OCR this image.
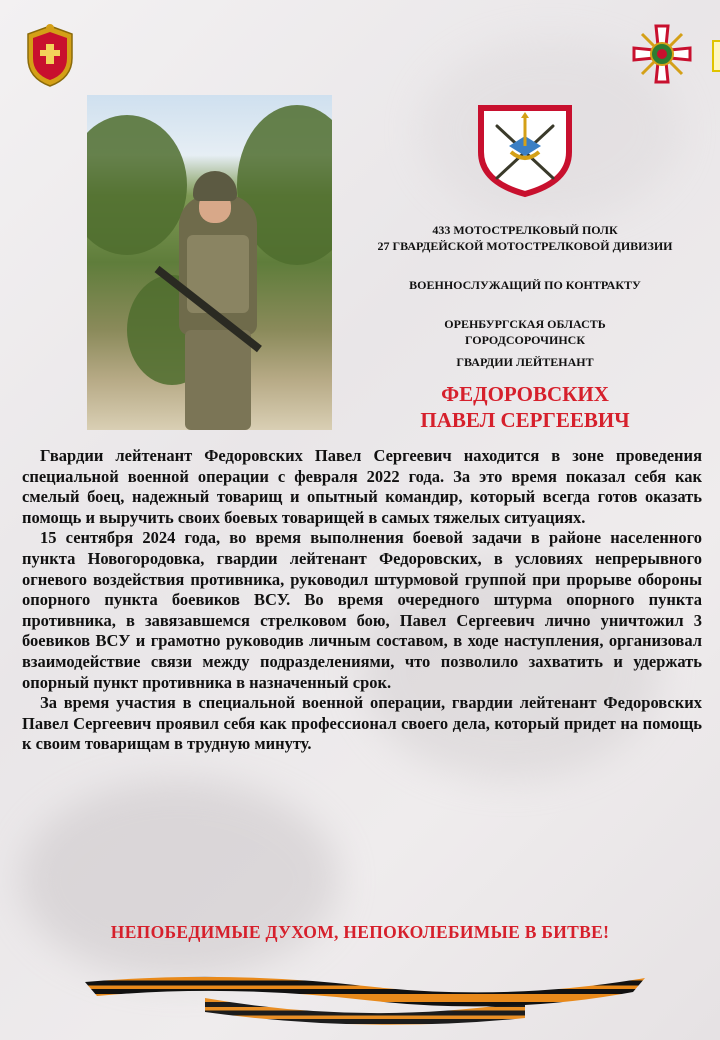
433 МОТОСТРЕЛКОВЫЙ ПОЛК
27 ГВАРДЕЙСКОЙ МОТОСТРЕЛКОВОЙ ДИВИЗИИ
ВОЕННОСЛУЖАЩИЙ ПО КОНТРАКТУ
ОРЕНБУРГСКАЯ ОБЛАСТЬ
ГОРОДСОРОЧИНСК
ГВАРДИИ ЛЕЙТЕНАНТ
ФЕДОРОВСКИХ
ПАВЕЛ СЕРГЕЕВИЧ

Гвардии лейтенант Федоровских Павел Сергеевич находится в зоне проведения специальной военной операции с февраля 2022 года. За это время показал себя как смелый боец, надежный товарищ и опытный командир, который всегда готов оказать помощь и выручить своих боевых товарищей в самых тяжелых ситуациях.

15 сентября 2024 года, во время выполнения боевой задачи в районе населенного пункта Новогородовка, гвардии лейтенант Федоровских, в условиях непрерывного огневого воздействия противника, руководил штурмовой группой при прорыве обороны опорного пункта боевиков ВСУ. Во время очередного штурма опорного пункта противника, в завязавшемся стрелковом бою, Павел Сергеевич лично уничтожил 3 боевиков ВСУ и грамотно руководив личным составом, в ходе наступления, организовал взаимодействие связи между подразделениями, что позволило захватить и удержать опорный пункт противника в назначенный срок.

За время участия в специальной военной операции, гвардии лейтенант Федоровских Павел Сергеевич проявил себя как профессионал своего дела, который придет на помощь к своим товарищам в трудную минуту.

НЕПОБЕДИМЫЕ ДУХОМ, НЕПОКОЛЕБИМЫЕ В БИТВЕ!
